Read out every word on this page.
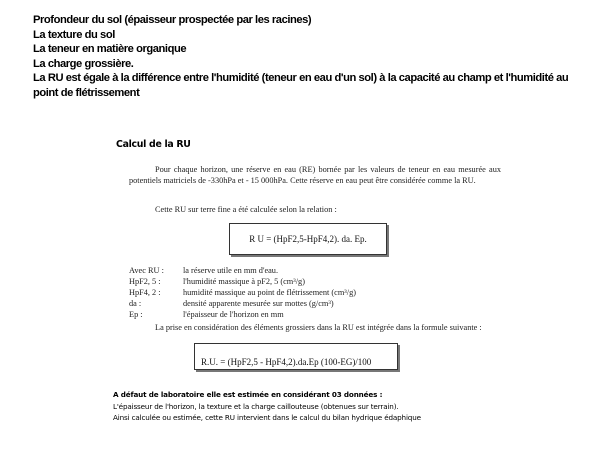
Profondeur du sol (épaisseur prospectée par les racines)
La texture du sol
La teneur en matière organique
La charge grossière.
La RU est égale à la différence entre l'humidité (teneur en eau d'un sol) à la capacité au champ et l'humidité au point de flétrissement
Calcul de la RU
Pour chaque horizon, une réserve en eau (RE) bornée par les valeurs de teneur en eau mesurée aux potentiels matriciels de -330hPa et - 15 000hPa. Cette réserve en eau peut être considérée comme la RU.
Cette RU sur terre fine a été calculée selon la relation :
R U = (HpF2,5-HpF4,2). da. Ep.
Avec RU : la réserve utile en mm d'eau.
HpF2, 5 :	l'humidité massique à pF2, 5 (cm³/g)
HpF4, 2 :	humidité massique au point de flétrissement (cm³/g)
da :	densité apparente mesurée sur mottes (g/cm³)
Ep :	l'épaisseur de l'horizon en mm
La prise en considération des éléments grossiers dans la RU est intégrée dans la formule suivante :
R.U. = (HpF2,5 - HpF4,2).da.Ep (100-EG)/100
A défaut de laboratoire elle est estimée en considérant 03 données :
L'épaisseur de l'horizon, la texture et la charge caillouteuse (obtenues sur terrain).
Ainsi calculée ou estimée, cette RU intervient dans le calcul du bilan hydrique édaphique
